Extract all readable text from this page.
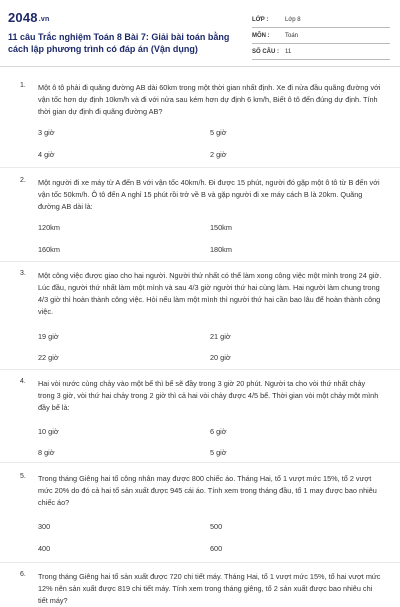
2048.vn
11 câu Trắc nghiệm Toán 8 Bài 7: Giải bài toán bằng cách lập phương trình có đáp án (Vận dụng)
LỚP :	Lớp 8
MÔN :	Toán
SỐ CÂU :	11
1. Một ô tô phải đi quãng đường AB dài 60km trong một thời gian nhất định. Xe đi nửa đầu quãng đường với vận tốc hơn dự định 10km/h và đi với nửa sau kém hơn dự định 6 km/h, Biết ô tô đến đúng dự định. Tính thời gian dự định đi quãng đường AB?
3 giờ	5 giờ
4 giờ	2 giờ
2. Một người đi xe máy từ A đến B với vận tốc 40km/h. Đi được 15 phút, người đó gặp một ô tô từ B đến với vận tốc 50km/h. Ô tô đến A nghỉ 15 phút rồi trở về B và gặp người đi xe máy cách B là 20km. Quãng đường AB dài là:
120km	150km
160km	180km
3. Một công việc được giao cho hai người. Người thứ nhất có thể làm xong công việc một mình trong 24 giờ. Lúc đầu, người thứ nhất làm một mình và sau 4/3 giờ người thứ hai cùng làm. Hai người làm chung trong 4/3 giờ thì hoàn thành công việc. Hỏi nếu làm một mình thì người thứ hai cần bao lâu để hoàn thành công việc.
19 giờ	21 giờ
22 giờ	20 giờ
4. Hai vòi nước cùng chảy vào một bể thì bể sẽ đầy trong 3 giờ 20 phút. Người ta cho vòi thứ nhất chảy trong 3 giờ, vòi thứ hai chảy trong 2 giờ thì cả hai vòi chảy được 4/5 bể. Thời gian vòi một chảy một mình đầy bể là:
10 giờ	6 giờ
8 giờ	5 giờ
5. Trong tháng Giêng hai tổ công nhân may được 800 chiếc áo. Tháng Hai, tổ 1 vượt mức 15%, tổ 2 vượt mức 20% do đó cả hai tổ sản xuất được 945 cái áo. Tính xem trong tháng đầu, tổ 1 may được bao nhiêu chiếc áo?
300	500
400	600
6. Trong tháng Giêng hai tổ sản xuất được 720 chi tiết máy. Tháng Hai, tổ 1 vượt mức 15%, tổ hai vượt mức 12% nên sản xuất được 819 chi tiết máy. Tính xem trong tháng giêng, tổ 2 sản xuất được bao nhiêu chi tiết máy?
